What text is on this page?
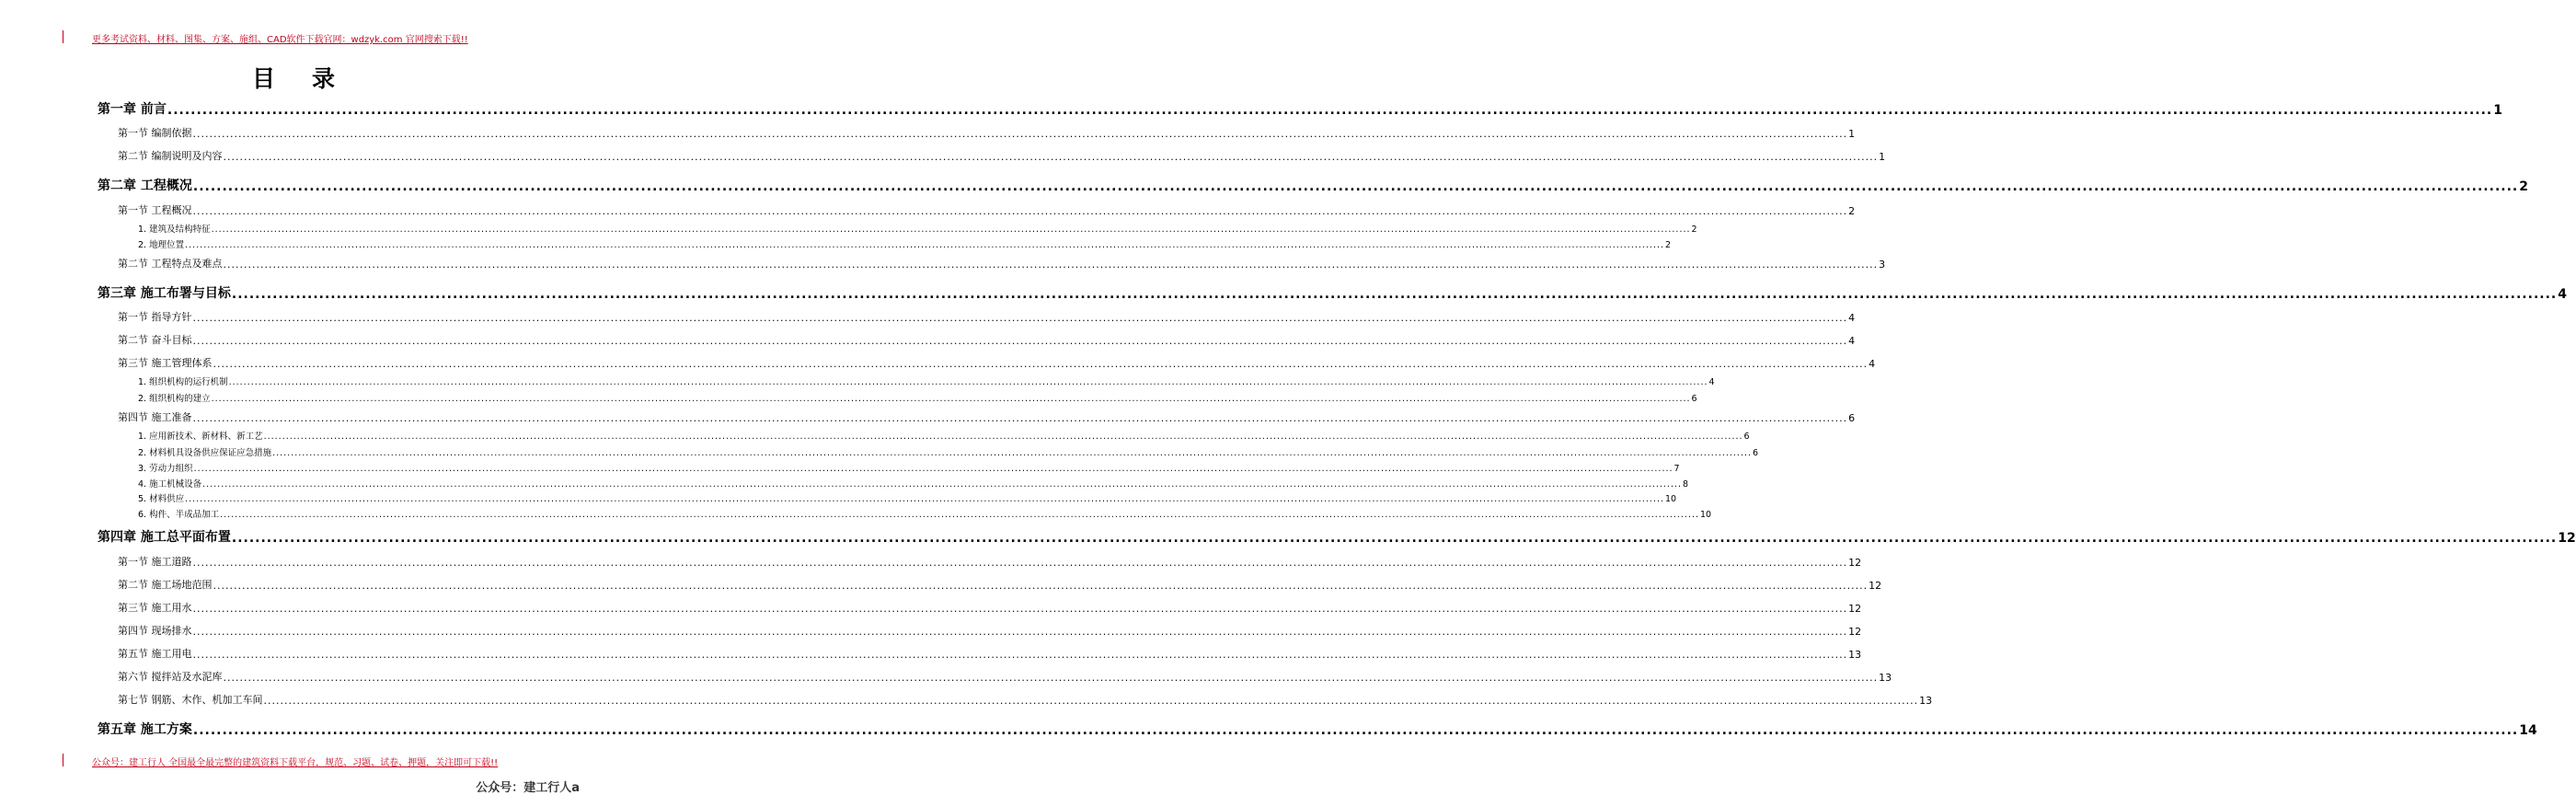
更多考试资料、材料、图集、方案、施组、CAD软件下载官网：wdzyk.com 官网搜索下载!!
目录
第一章 前言 ................................................................................................................................................................................................................................................................................................................................................................................................................ 1
第一节 编制依据 ................................................................................................................................................................................................................................................................................................................................................................................................................ 1
第二节 编制说明及内容 ................................................................................................................................................................................................................................................................................................................................................................................................................ 1
第二章 工程概况 ................................................................................................................................................................................................................................................................................................................................................................................................................ 2
第一节 工程概况 ................................................................................................................................................................................................................................................................................................................................................................................................................ 2
1. 建筑及结构特征 ................................................................................................................................................................................................................................................................................................................................................................................................................ 2
2. 地理位置 ................................................................................................................................................................................................................................................................................................................................................................................................................ 2
第二节 工程特点及难点 ................................................................................................................................................................................................................................................................................................................................................................................................................ 3
第三章 施工布署与目标 ................................................................................................................................................................................................................................................................................................................................................................................................................ 4
第一节 指导方针 ................................................................................................................................................................................................................................................................................................................................................................................................................ 4
第二节 奋斗目标 ................................................................................................................................................................................................................................................................................................................................................................................................................ 4
第三节 施工管理体系 ................................................................................................................................................................................................................................................................................................................................................................................................................ 4
1. 组织机构的运行机制 ................................................................................................................................................................................................................................................................................................................................................................................................................ 4
2. 组织机构的建立 ................................................................................................................................................................................................................................................................................................................................................................................................................ 6
第四节 施工准备 ................................................................................................................................................................................................................................................................................................................................................................................................................ 6
1. 应用新技术、新材料、新工艺 ................................................................................................................................................................................................................................................................................................................................................................................................................ 6
2. 材料机具设备供应保证应急措施 ................................................................................................................................................................................................................................................................................................................................................................................................................ 6
3. 劳动力组织 ................................................................................................................................................................................................................................................................................................................................................................................................................ 7
4. 施工机械设备 ................................................................................................................................................................................................................................................................................................................................................................................................................ 8
5. 材料供应 ................................................................................................................................................................................................................................................................................................................................................................................................................ 10
6. 构件、半成品加工 ................................................................................................................................................................................................................................................................................................................................................................................................................ 10
第四章 施工总平面布置 ................................................................................................................................................................................................................................................................................................................................................................................................................ 12
第一节 施工道路 ................................................................................................................................................................................................................................................................................................................................................................................................................ 12
第二节 施工场地范围 ................................................................................................................................................................................................................................................................................................................................................................................................................ 12
第三节 施工用水 ................................................................................................................................................................................................................................................................................................................................................................................................................ 12
第四节 现场排水 ................................................................................................................................................................................................................................................................................................................................................................................................................ 12
第五节 施工用电 ................................................................................................................................................................................................................................................................................................................................................................................................................ 13
第六节 搅拌站及水泥库 ................................................................................................................................................................................................................................................................................................................................................................................................................ 13
第七节 钢筋、木作、机加工车间 ................................................................................................................................................................................................................................................................................................................................................................................................................ 13
第五章 施工方案 ................................................................................................................................................................................................................................................................................................................................................................................................................ 14
公众号：建工行人 全国最全最完整的建筑资料下载平台，规范、习题、试卷、押题，关注即可下载!!
公众号：建工行人a
